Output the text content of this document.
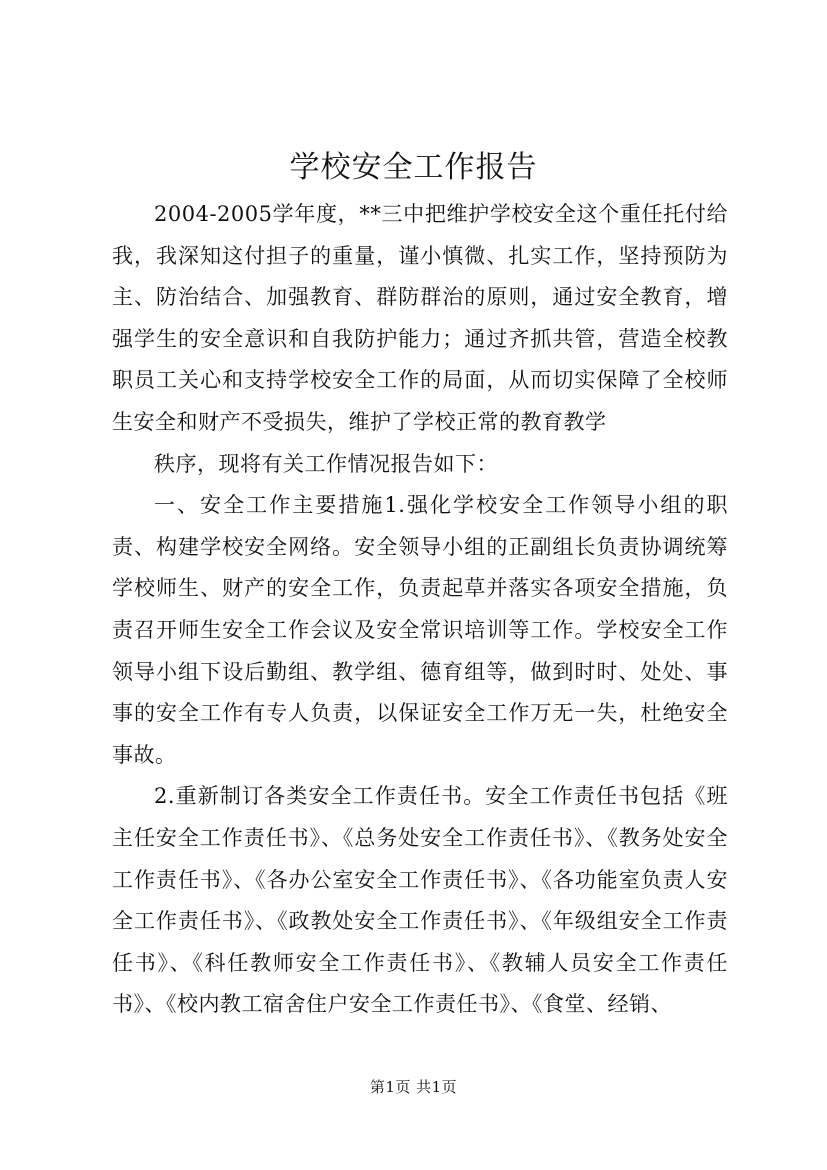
学校安全工作报告

2004-2005学年度，**三中把维护学校安全这个重任托付给我，我深知这付担子的重量，谨小慎微、扎实工作，坚持预防为主、防治结合、加强教育、群防群治的原则，通过安全教育，增强学生的安全意识和自我防护能力；通过齐抓共管，营造全校教职员工关心和支持学校安全工作的局面，从而切实保障了全校师生安全和财产不受损失，维护了学校正常的教育教学

秩序，现将有关工作情况报告如下：

一、安全工作主要措施1.强化学校安全工作领导小组的职责、构建学校安全网络。安全领导小组的正副组长负责协调统筹学校师生、财产的安全工作，负责起草并落实各项安全措施，负责召开师生安全工作会议及安全常识培训等工作。学校安全工作领导小组下设后勤组、教学组、德育组等，做到时时、处处、事事的安全工作有专人负责，以保证安全工作万无一失，杜绝安全事故。

2.重新制订各类安全工作责任书。安全工作责任书包括《班主任安全工作责任书》、《总务处安全工作责任书》、《教务处安全工作责任书》、《各办公室安全工作责任书》、《各功能室负责人安全工作责任书》、《政教处安全工作责任书》、《年级组安全工作责任书》、《科任教师安全工作责任书》、《教辅人员安全工作责任书》、《校内教工宿舍住户安全工作责任书》、《食堂、经销、

第1页 共1页
